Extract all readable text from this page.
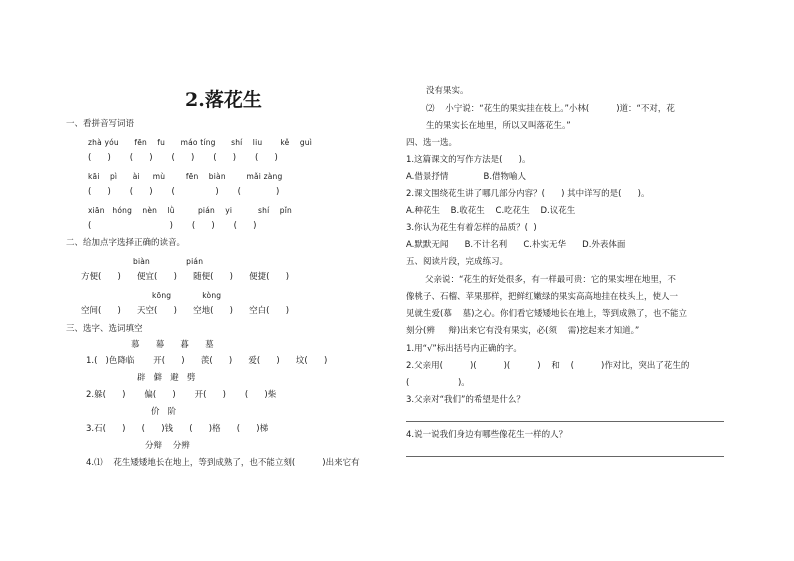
2.落花生
一、看拼音写词语
zhà yóu      fēn    fu      máo tíng      shí    liu       kě    guì
(      )       (      )       (      )       (      )       (      )
kāi    pì      ài     mù        fēn    biàn        mǎi zàng
(      )       (      )       (               )       (             )
xiān   hóng    nèn    lǜ         pián    yi          shí    pǐn
(                             )       (      )       (      )
二、给加点字选择正确的读音。
biàn              pián
方便(      )      便宜(      )      随便(      )      便捷(      )
kōng            kòng
空间(      )      天空(      )      空地(      )      空白(      )
三、选字、选词填空
慕      幕      暮      墓
1.(   )色降临       开(      )      羡(      )      爱(      )      坟(      )
辟   僻   避   劈
2.躲(      )       偏(      )       开(      )       (      )柴
价   阶
3.石(      )      (      )钱      (      )格      (      )梯
分辩    分辨
4.⑴    花生矮矮地长在地上，等到成熟了，也不能立刻(          )出来它有
没有果实。
⑵    小宁说：“花生的果实挂在枝上。”小林(          )道：“不对，花
生的果实长在地里，所以又叫落花生。”
四、选一选。
1.这篇课文的写作方法是(      )。
A.借景抒情             B.借物喻人
2.课文围绕花生讲了哪几部分内容？(      ) 其中详写的是(      )。
A.种花生    B.收花生    C.吃花生    D.议花生
3.你认为花生有着怎样的品质？(  )
A.默默无闻      B.不计名利      C.朴实无华      D.外表体面
五、阅读片段，完成练习。
父亲说：“花生的好处很多，有一样最可贵：它的果实埋在地里，不
像桃子、石榴、苹果那样，把鲜红嫩绿的果实高高地挂在枝头上，使人一
见就生爱(慕    墓)之心。你们看它矮矮地长在地上，等到成熟了，也不能立
刻分(辨     辩)出来它有没有果实，必(须    需)挖起来才知道。”
1.用“√”标出括号内正确的字。
2.父亲用(          )(          )(          )    和    (          )作对比，突出了花生的
(                  )。
3.父亲对“我们”的希望是什么？
4.说一说我们身边有哪些像花生一样的人？
